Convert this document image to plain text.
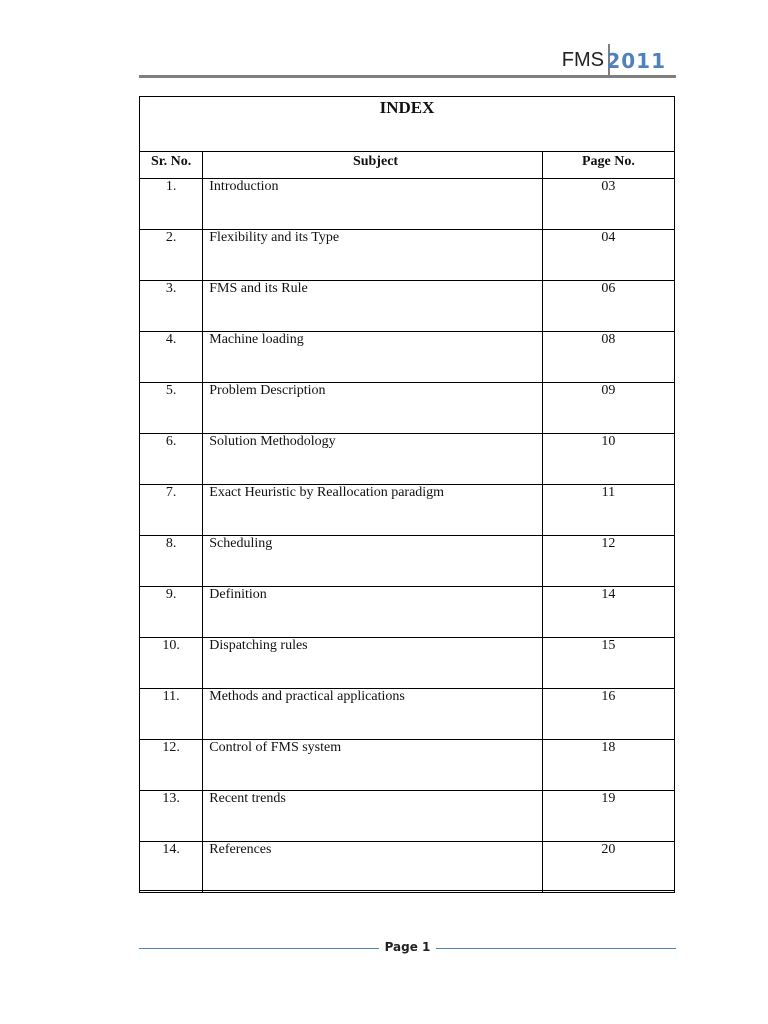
FMS 2011
INDEX
Sr. No.	Subject	Page No.
1.	Introduction	03
2.	Flexibility and its Type	04
3.	FMS and its Rule	06
4.	Machine loading	08
5.	Problem Description	09
6.	Solution Methodology	10
7.	Exact Heuristic by Reallocation paradigm	11
8.	Scheduling	12
9.	Definition	14
10.	Dispatching rules	15
11.	Methods and practical applications	16
12.	Control of FMS system	18
13.	Recent trends	19
14.	References	20
Page 1
